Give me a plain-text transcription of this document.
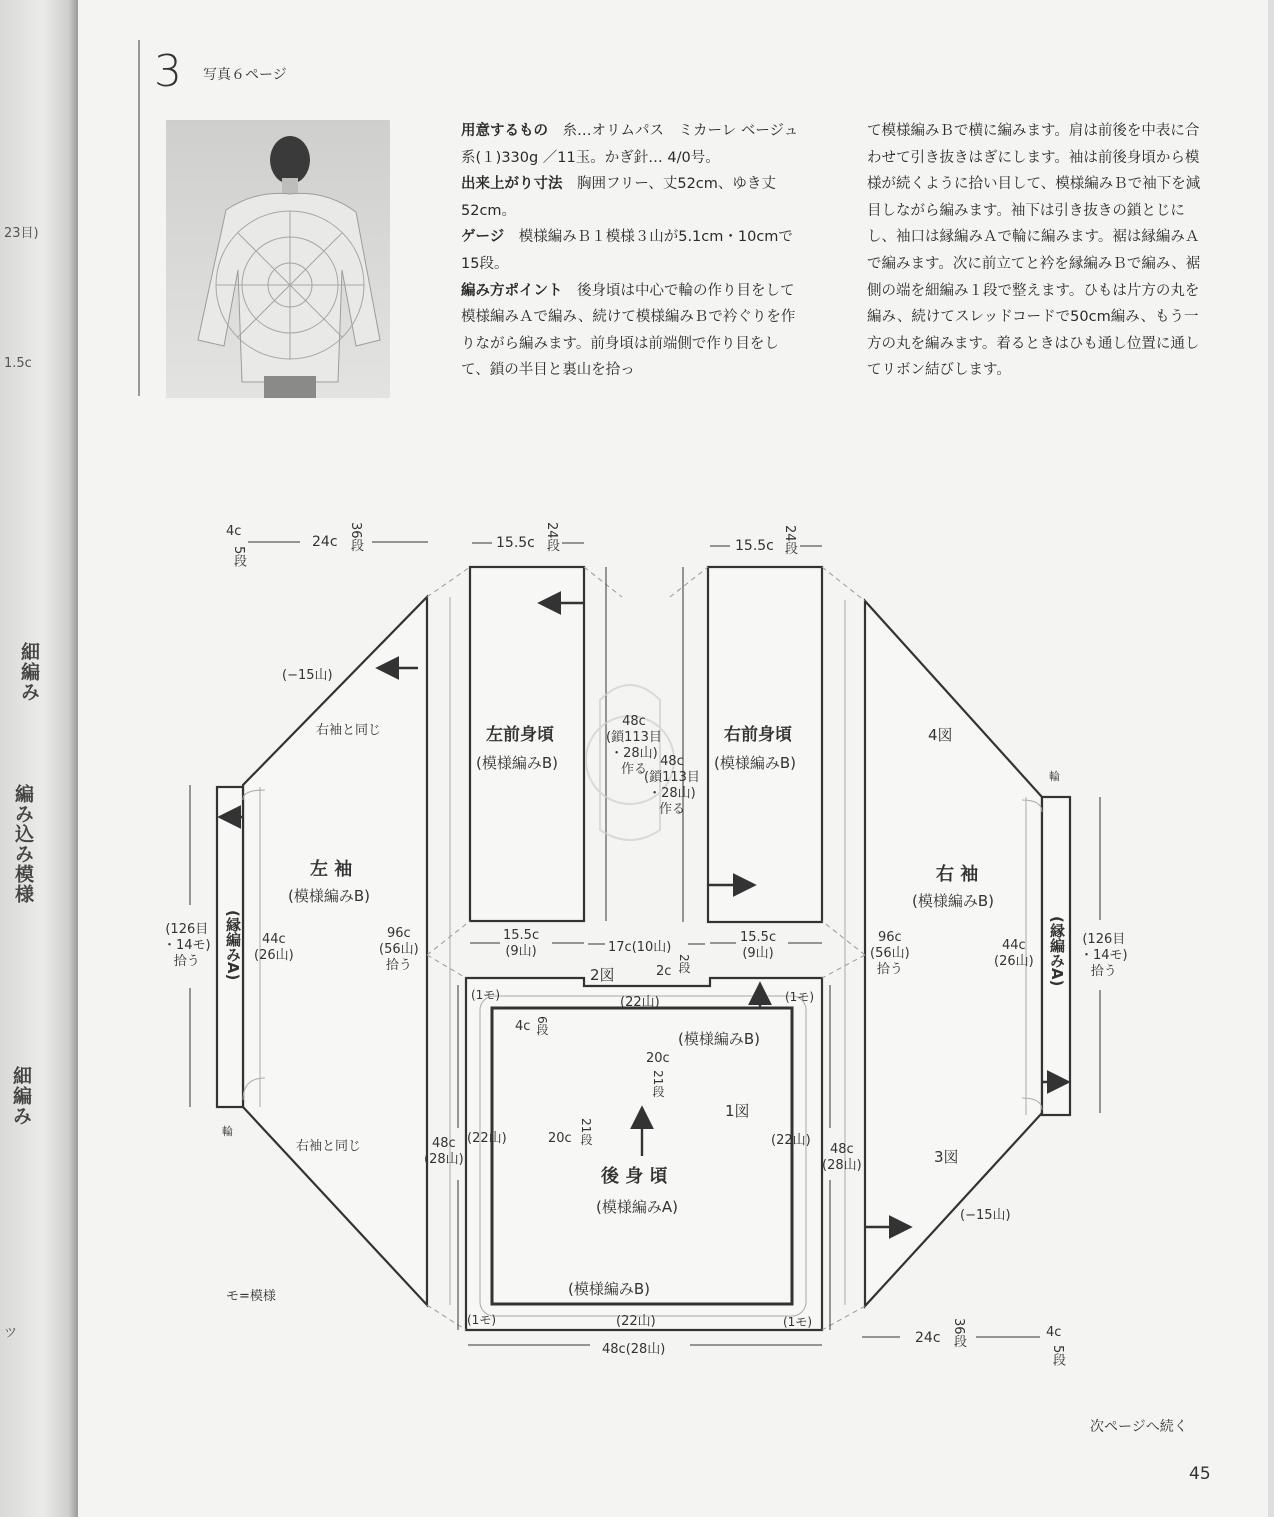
23目)
1.5c
ツ
細編み
編み込み模様
細編み
3 写真６ページ

用意するもの　糸…オリムパス　ミカーレ ベージュ系(１)330g ／11玉。かぎ針… 4/0号。

出来上がり寸法　胸囲フリー、丈52cm、ゆき丈52cm。

ゲージ　模様編みＢ１模様３山が5.1cm・10cmで15段。

編み方ポイント　後身頃は中心で輪の作り目をして模様編みＡで編み、続けて模様編みＢで衿ぐりを作りながら編みます。前身頃は前端側で作り目をして、鎖の半目と裏山を拾っ

て模様編みＢで横に編みます。肩は前後を中表に合わせて引き抜きはぎにします。袖は前後身頃から模様が続くように拾い目して、模様編みＢで袖下を減目しながら編みます。袖下は引き抜きの鎖とじにし、袖口は縁編みＡで輪に編みます。裾は縁編みＡで編みます。次に前立てと衿を縁編みＢで編み、裾側の端を細編み１段で整えます。ひもは片方の丸を編み、続けてスレッドコードで50cm編み、もう一方の丸を編みます。着るときはひも通し位置に通してリボン結びします。

4c
5段
24c 36段	15.5c 24段	15.5c 24段
(−15山)
右袖と同じ
右袖と同じ
左前身頃
(模様編みB)
右前身頃
(模様編みB)
48c
(鎖113目
・28山)
作る
48c
(鎖113目
・28山)
作る
4図
輪
左 袖
(模様編みB)
右 袖
(模様編みB)
(縁編みA)	(縁編みA)
(126目
・14モ)
拾う
(126目
・14モ)
拾う
44c
(26山)
44c
(26山)
96c
(56山)
拾う
96c
(56山)
拾う
15.5c
(9山)
15.5c
(9山)
17c(10山)
2図	2c 2段
(1モ)	(1モ)
(1モ)	(1モ)
(22山)
4c 6段
(模様編みB)
20c
21段
1図
20c 21段
(22山)	(22山)
48c
(28山)
48c
(28山)
後 身 頃
(模様編みA)
3図
(−15山)
輪
(模様編みB)
(22山)
48c(28山)
モ=模様
24c 36段	4c
5段
次ページへ続く
45
